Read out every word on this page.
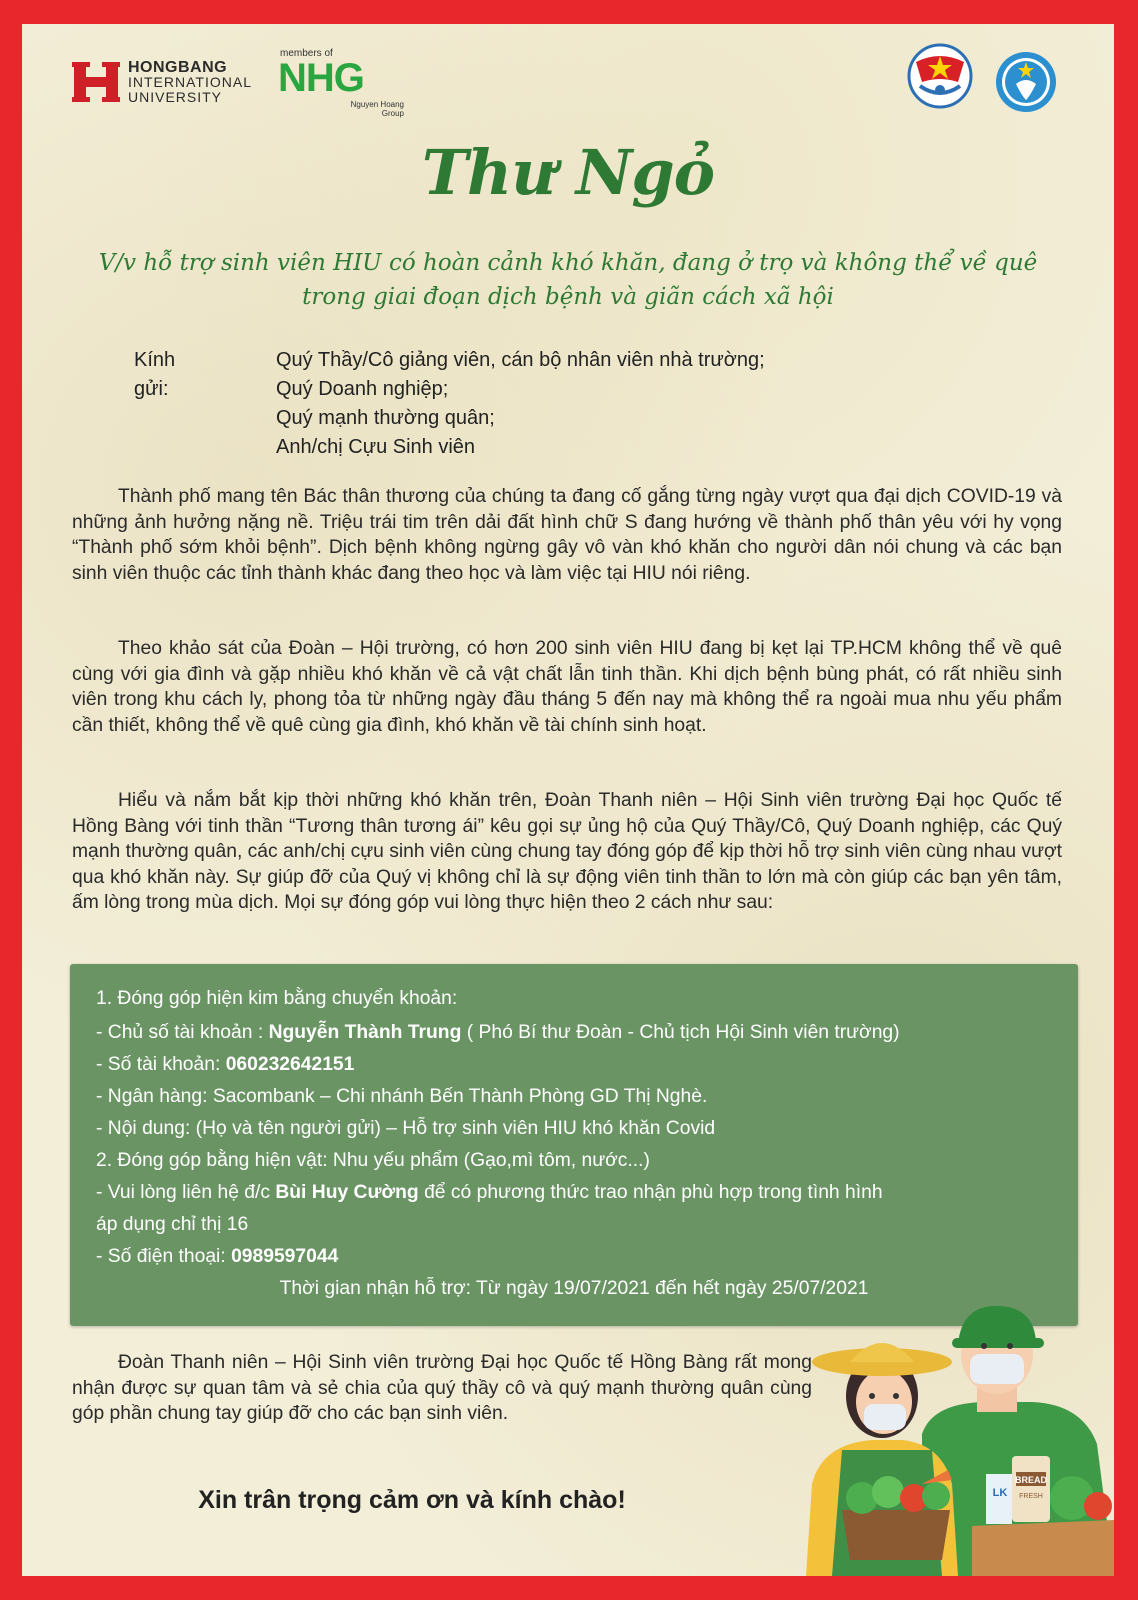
HONGBANG
INTERNATIONAL
UNIVERSITY
members of
NHG
Nguyen Hoang
Group
Thư Ngỏ
V/v hỗ trợ sinh viên HIU có hoàn cảnh khó khăn, đang ở trọ và không thể về quê
trong giai đoạn dịch bệnh và giãn cách xã hội
Kính gửi:
Quý Thầy/Cô giảng viên, cán bộ nhân viên nhà trường;
Quý Doanh nghiệp;
Quý mạnh thường quân;
Anh/chị Cựu Sinh viên
Thành phố mang tên Bác thân thương của chúng ta đang cố gắng từng ngày vượt qua đại dịch COVID-19 và những ảnh hưởng nặng nề. Triệu trái tim trên dải đất hình chữ S đang hướng về thành phố thân yêu với hy vọng “Thành phố sớm khỏi bệnh”. Dịch bệnh không ngừng gây vô vàn khó khăn cho người dân nói chung và các bạn sinh viên thuộc các tỉnh thành khác đang theo học và làm việc tại HIU nói riêng.
Theo khảo sát của Đoàn – Hội trường, có hơn 200 sinh viên HIU đang bị kẹt lại TP.HCM không thể về quê cùng với gia đình và gặp nhiều khó khăn về cả vật chất lẫn tinh thần. Khi dịch bệnh bùng phát, có rất nhiều sinh viên trong khu cách ly, phong tỏa từ những ngày đầu tháng 5 đến nay mà không thể ra ngoài mua nhu yếu phẩm cần thiết, không thể về quê cùng gia đình, khó khăn về tài chính sinh hoạt.
Hiểu và nắm bắt kịp thời những khó khăn trên, Đoàn Thanh niên – Hội Sinh viên trường Đại học Quốc tế Hồng Bàng với tinh thần “Tương thân tương ái” kêu gọi sự ủng hộ của Quý Thầy/Cô, Quý Doanh nghiệp, các Quý mạnh thường quân, các anh/chị cựu sinh viên cùng chung tay đóng góp để kịp thời hỗ trợ sinh viên cùng nhau vượt qua khó khăn này. Sự giúp đỡ của Quý vị không chỉ là sự động viên tinh thần to lớn mà còn giúp các bạn yên tâm, ấm lòng trong mùa dịch. Mọi sự đóng góp vui lòng thực hiện theo 2 cách như sau:
1. Đóng góp hiện kim bằng chuyển khoản:
- Chủ số tài khoản : Nguyễn Thành Trung ( Phó Bí thư Đoàn - Chủ tịch Hội Sinh viên trường)
- Số tài khoản: 060232642151
- Ngân hàng: Sacombank – Chi nhánh Bến Thành Phòng GD Thị Nghè.
- Nội dung: (Họ và tên người gửi) – Hỗ trợ sinh viên HIU khó khăn Covid
2. Đóng góp bằng hiện vật: Nhu yếu phẩm (Gạo,mì tôm, nước...)
- Vui lòng liên hệ đ/c Bùi Huy Cường để có phương thức trao nhận phù hợp trong tình hình
áp dụng chỉ thị 16
- Số điện thoại: 0989597044
Thời gian nhận hỗ trợ: Từ ngày 19/07/2021 đến hết ngày 25/07/2021
Đoàn Thanh niên – Hội Sinh viên trường Đại học Quốc tế Hồng Bàng rất mong nhận được sự quan tâm và sẻ chia của quý thầy cô và quý mạnh thường quân cùng góp phần chung tay giúp đỡ cho các bạn sinh viên.
Xin trân trọng cảm ơn và kính chào!
BREAD
FRESH
LK
